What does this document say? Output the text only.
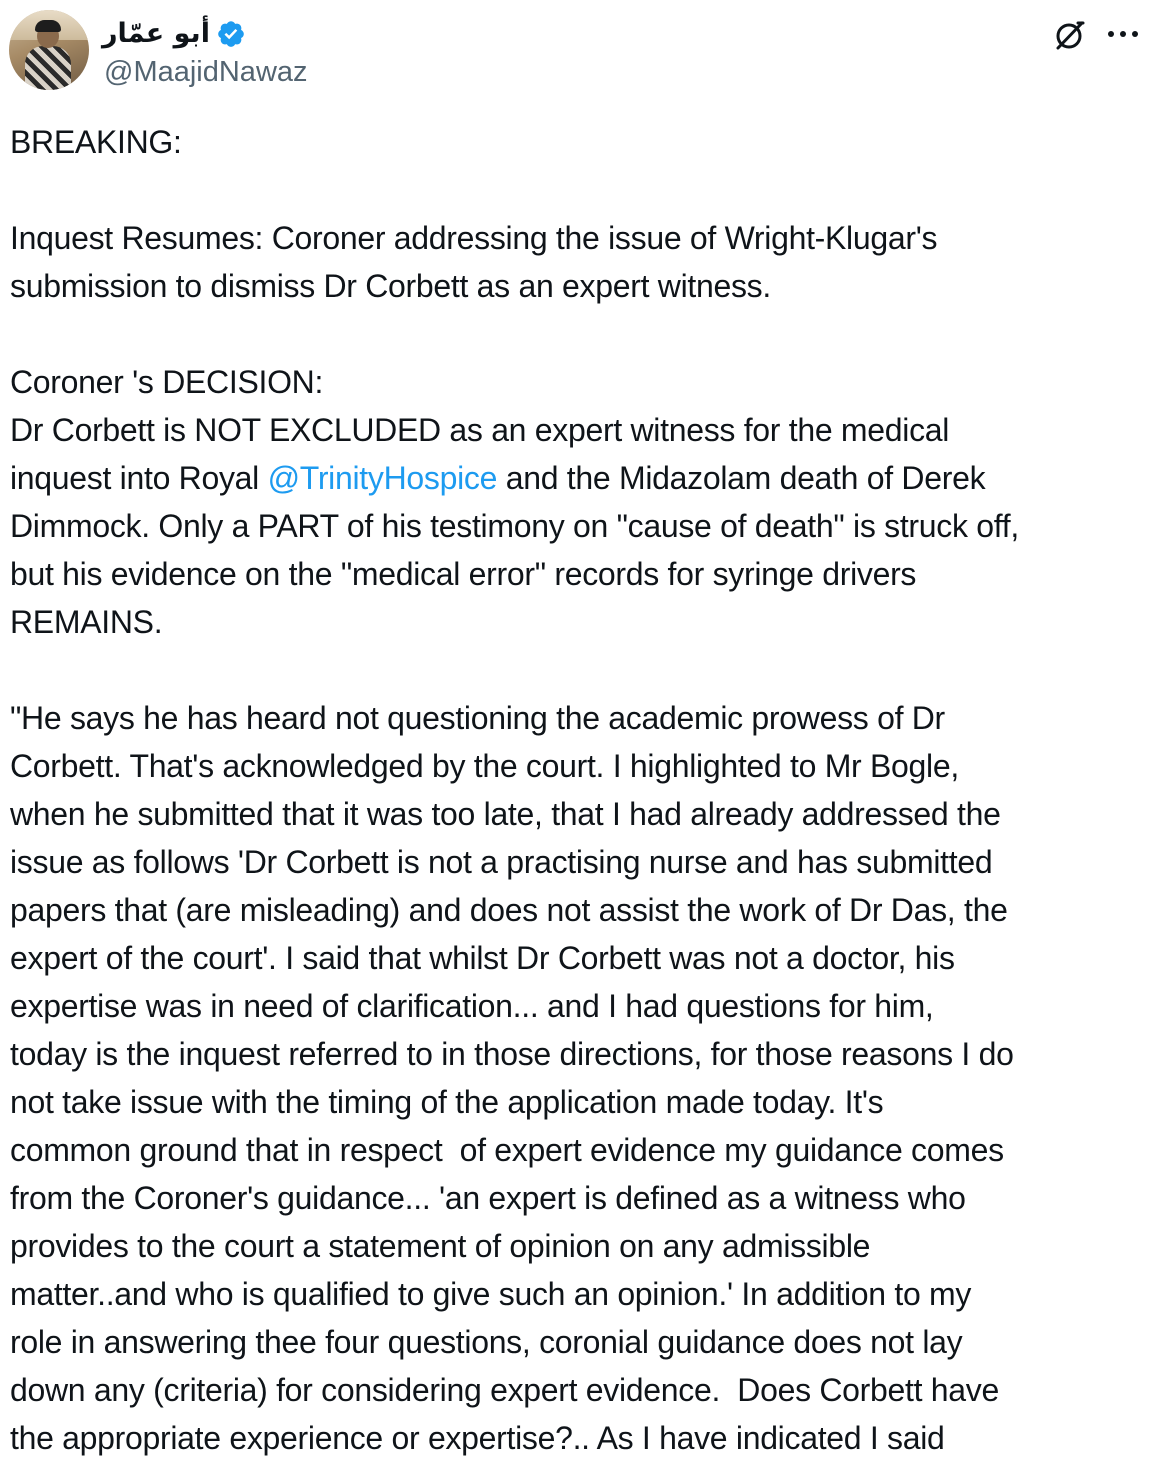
أبو عمّار
@MaajidNawaz

BREAKING:

Inquest Resumes: Coroner addressing the issue of Wright-Klugar's
submission to dismiss Dr Corbett as an expert witness.

Coroner 's DECISION:
Dr Corbett is NOT EXCLUDED as an expert witness for the medical
inquest into Royal @TrinityHospice and the Midazolam death of Derek
Dimmock. Only a PART of his testimony on "cause of death" is struck off,
but his evidence on the "medical error" records for syringe drivers
REMAINS.

"He says he has heard not questioning the academic prowess of Dr
Corbett. That's acknowledged by the court. I highlighted to Mr Bogle,
when he submitted that it was too late, that I had already addressed the
issue as follows 'Dr Corbett is not a practising nurse and has submitted
papers that (are misleading) and does not assist the work of Dr Das, the
expert of the court'. I said that whilst Dr Corbett was not a doctor, his
expertise was in need of clarification... and I had questions for him,
today is the inquest referred to in those directions, for those reasons I do
not take issue with the timing of the application made today. It's
common ground that in respect  of expert evidence my guidance comes
from the Coroner's guidance... 'an expert is defined as a witness who
provides to the court a statement of opinion on any admissible
matter..and who is qualified to give such an opinion.' In addition to my
role in answering thee four questions, coronial guidance does not lay
down any (criteria) for considering expert evidence.  Does Corbett have
the appropriate experience or expertise?.. As I have indicated I said
